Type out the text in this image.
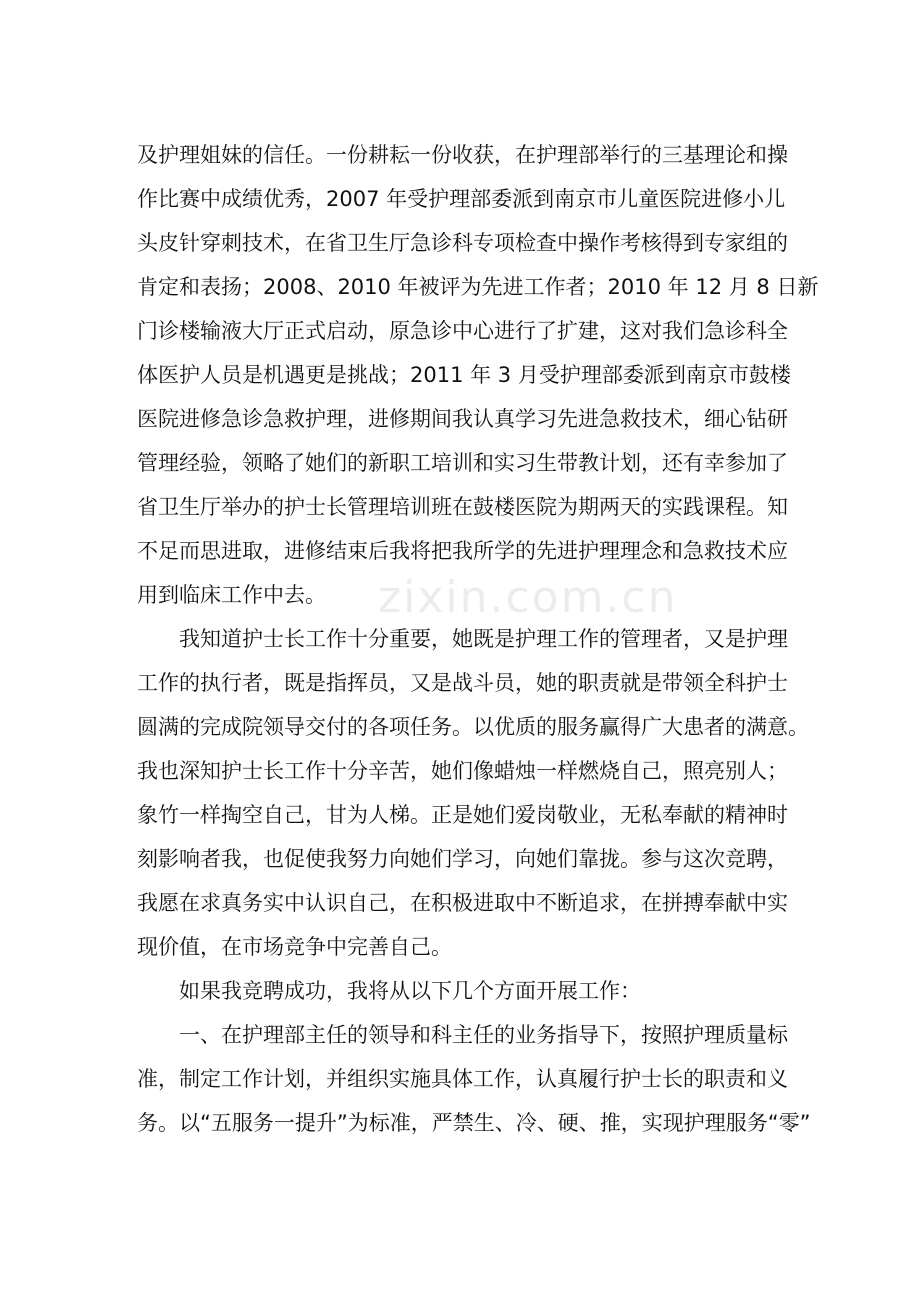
zixin.com.cn
及护理姐妹的信任。一份耕耘一份收获，在护理部举行的三基理论和操
作比赛中成绩优秀，2007 年受护理部委派到南京市儿童医院进修小儿
头皮针穿刺技术，在省卫生厅急诊科专项检查中操作考核得到专家组的
肯定和表扬；2008、2010 年被评为先进工作者；2010 年 12 月 8 日新
门诊楼输液大厅正式启动，原急诊中心进行了扩建，这对我们急诊科全
体医护人员是机遇更是挑战；2011 年 3 月受护理部委派到南京市鼓楼
医院进修急诊急救护理，进修期间我认真学习先进急救技术，细心钻研
管理经验，领略了她们的新职工培训和实习生带教计划，还有幸参加了
省卫生厅举办的护士长管理培训班在鼓楼医院为期两天的实践课程。知
不足而思进取，进修结束后我将把我所学的先进护理理念和急救技术应
用到临床工作中去。
我知道护士长工作十分重要，她既是护理工作的管理者，又是护理
工作的执行者，既是指挥员，又是战斗员，她的职责就是带领全科护士
圆满的完成院领导交付的各项任务。以优质的服务赢得广大患者的满意。
我也深知护士长工作十分辛苦，她们像蜡烛一样燃烧自己，照亮别人；
象竹一样掏空自己，甘为人梯。正是她们爱岗敬业，无私奉献的精神时
刻影响者我，也促使我努力向她们学习，向她们靠拢。参与这次竞聘，
我愿在求真务实中认识自己，在积极进取中不断追求，在拼搏奉献中实
现价值，在市场竞争中完善自己。
如果我竞聘成功，我将从以下几个方面开展工作：
一、在护理部主任的领导和科主任的业务指导下，按照护理质量标
准，制定工作计划，并组织实施具体工作，认真履行护士长的职责和义
务。以“五服务一提升”为标准，严禁生、冷、硬、推，实现护理服务“零”
